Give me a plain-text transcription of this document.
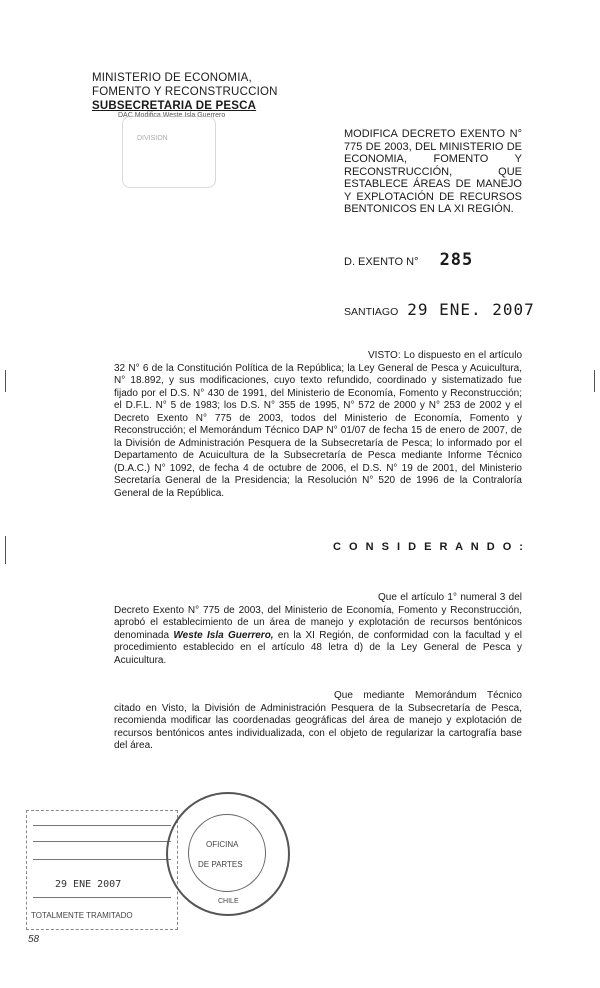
MINISTERIO DE ECONOMIA,
FOMENTO Y RECONSTRUCCION
SUBSECRETARIA DE PESCA
DAC Modifica Weste Isla Guerrero
DIVISION	MODIFICA DECRETO EXENTO N° 775 DE 2003, DEL MINISTERIO DE ECONOMIA, FOMENTO Y RECONSTRUCCIÓN, QUE ESTABLECE ÁREAS DE MANEJO Y EXPLOTACIÓN DE RECURSOS BENTONICOS EN LA XI REGIÓN.
D. EXENTO N° 285
SANTIAGO 29 ENE. 2007
VISTO: Lo dispuesto en el artículo 32 N° 6 de la Constitución Política de la República; la Ley General de Pesca y Acuicultura, N° 18.892, y sus modificaciones, cuyo texto refundido, coordinado y sistematizado fue fijado por el D.S. N° 430 de 1991, del Ministerio de Economía, Fomento y Reconstrucción; el D.F.L. N° 5 de 1983; los D.S. N° 355 de 1995, N° 572 de 2000 y N° 253 de 2002 y el Decreto Exento N° 775 de 2003, todos del Ministerio de Economía, Fomento y Reconstrucción; el Memorándum Técnico DAP N° 01/07 de fecha 15 de enero de 2007, de la División de Administración Pesquera de la Subsecretaría de Pesca; lo informado por el Departamento de Acuicultura de la Subsecretaría de Pesca mediante Informe Técnico (D.A.C.) N° 1092, de fecha 4 de octubre de 2006, el D.S. N° 19 de 2001, del Ministerio Secretaría General de la Presidencia; la Resolución N° 520 de 1996 de la Contraloría General de la República.
C O N S I D E R A N D O :
Que el artículo 1° numeral 3 del Decreto Exento N° 775 de 2003, del Ministerio de Economía, Fomento y Reconstrucción, aprobó el establecimiento de un área de manejo y explotación de recursos bentónicos denominada Weste Isla Guerrero, en la XI Región, de conformidad con la facultad y el procedimiento establecido en el artículo 48 letra d) de la Ley General de Pesca y Acuicultura.
Que mediante Memorándum Técnico citado en Visto, la División de Administración Pesquera de la Subsecretaría de Pesca, recomienda modificar las coordenadas geográficas del área de manejo y explotación de recursos bentónicos antes individualizada, con el objeto de regularizar la cartografía base del área.
29 ENE 2007
TOTALMENTE TRAMITADO
58
OFICINA
DE PARTES
CHILE
